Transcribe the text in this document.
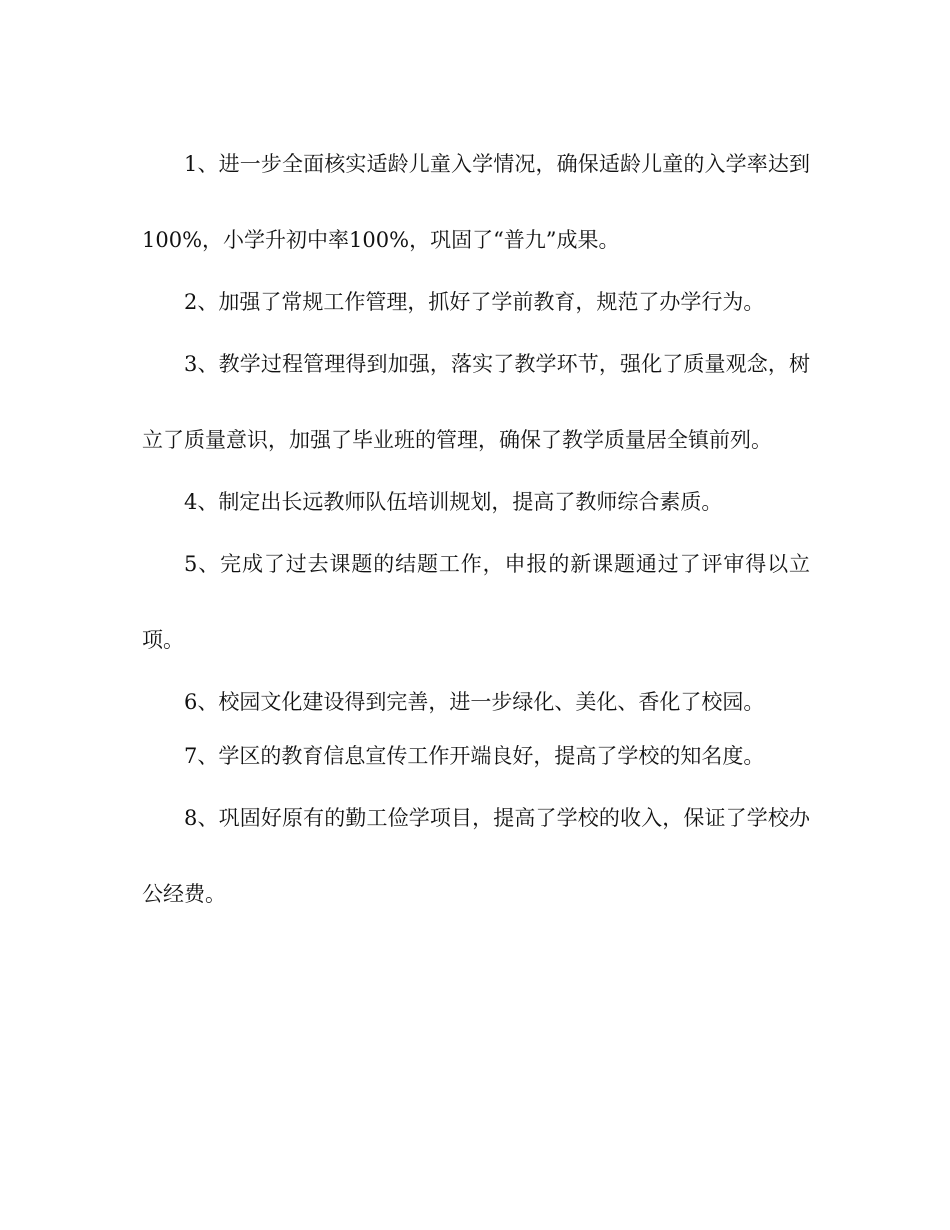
1、进一步全面核实适龄儿童入学情况，确保适龄儿童的入学率达到100%，小学升初中率100%，巩固了“普九”成果。

2、加强了常规工作管理，抓好了学前教育，规范了办学行为。

3、教学过程管理得到加强，落实了教学环节，强化了质量观念，树立了质量意识，加强了毕业班的管理，确保了教学质量居全镇前列。

4、制定出长远教师队伍培训规划，提高了教师综合素质。

5、完成了过去课题的结题工作，申报的新课题通过了评审得以立项。

6、校园文化建设得到完善，进一步绿化、美化、香化了校园。

7、学区的教育信息宣传工作开端良好，提高了学校的知名度。

8、巩固好原有的勤工俭学项目，提高了学校的收入，保证了学校办公经费。
